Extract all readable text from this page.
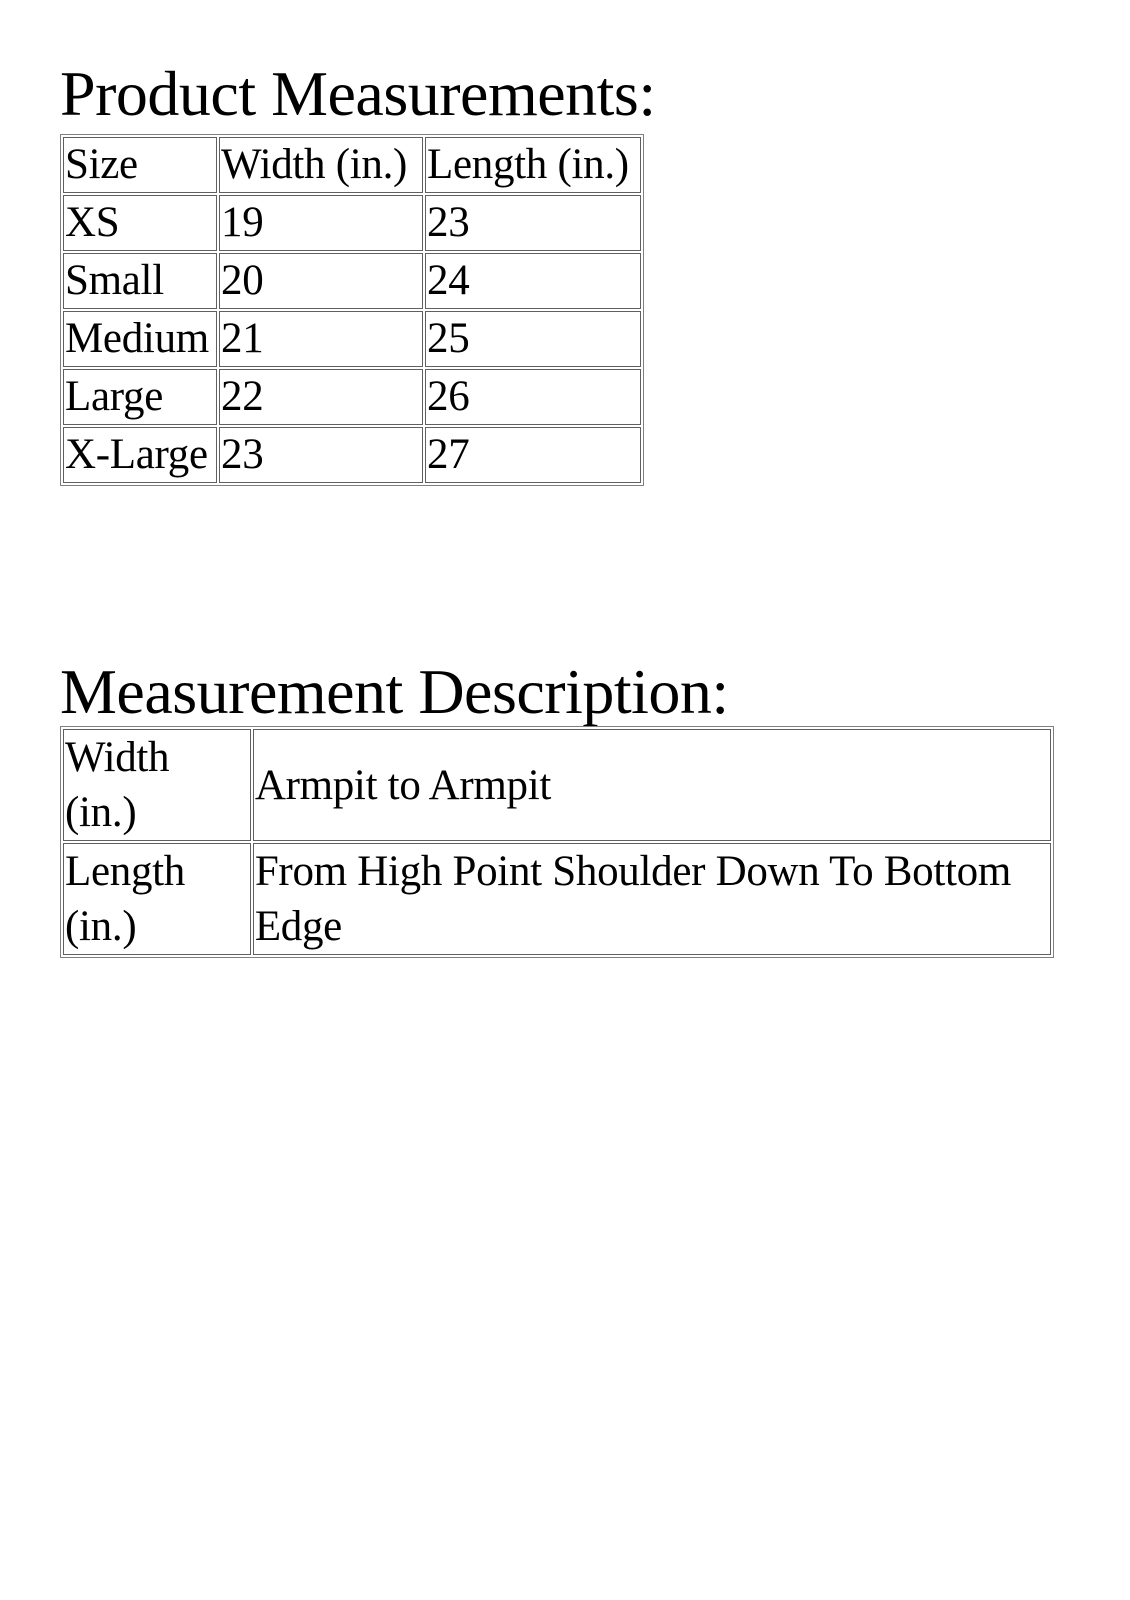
Product Measurements:
Size	Width (in.)	Length (in.)
XS	19	23
Small	20	24
Medium	21	25
Large	22	26
X-Large	23	27
Measurement Description:
Width (in.)	Armpit to Armpit
Length (in.)	From High Point Shoulder Down To Bottom Edge
